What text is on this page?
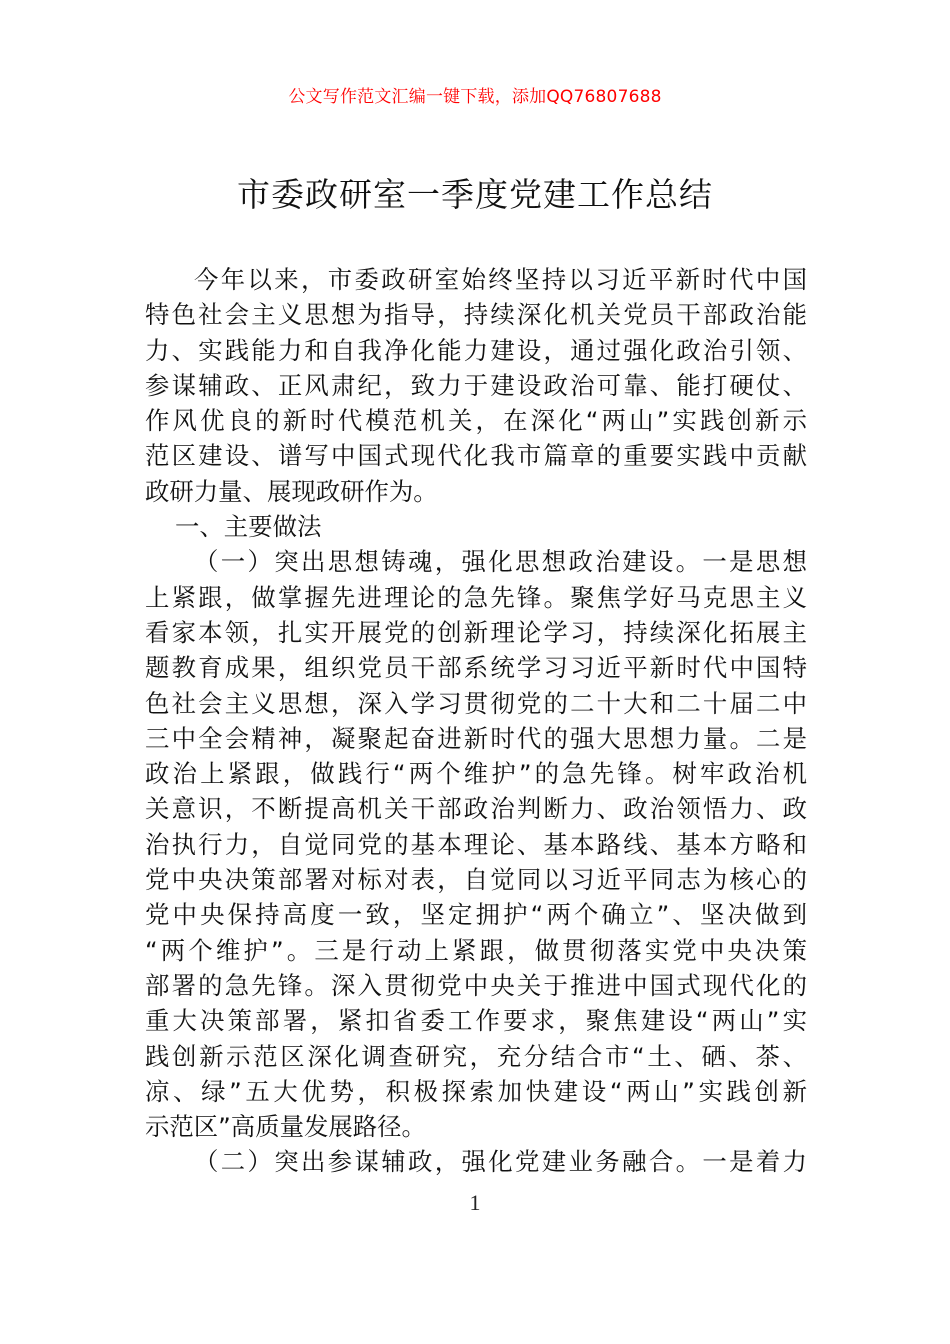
公文写作范文汇编一键下载，添加QQ76807688
市委政研室一季度党建工作总结
今年以来，市委政研室始终坚持以习近平新时代中国
特色社会主义思想为指导，持续深化机关党员干部政治能
力、实践能力和自我净化能力建设，通过强化政治引领、
参谋辅政、正风肃纪，致力于建设政治可靠、能打硬仗、
作风优良的新时代模范机关，在深化“两山”实践创新示
范区建设、谱写中国式现代化我市篇章的重要实践中贡献
政研力量、展现政研作为。
一、主要做法
（一）突出思想铸魂，强化思想政治建设。一是思想
上紧跟，做掌握先进理论的急先锋。聚焦学好马克思主义
看家本领，扎实开展党的创新理论学习，持续深化拓展主
题教育成果，组织党员干部系统学习习近平新时代中国特
色社会主义思想，深入学习贯彻党的二十大和二十届二中
三中全会精神，凝聚起奋进新时代的强大思想力量。二是
政治上紧跟，做践行“两个维护”的急先锋。树牢政治机
关意识，不断提高机关干部政治判断力、政治领悟力、政
治执行力，自觉同党的基本理论、基本路线、基本方略和
党中央决策部署对标对表，自觉同以习近平同志为核心的
党中央保持高度一致，坚定拥护“两个确立”、坚决做到
“两个维护”。三是行动上紧跟，做贯彻落实党中央决策
部署的急先锋。深入贯彻党中央关于推进中国式现代化的
重大决策部署，紧扣省委工作要求，聚焦建设“两山”实
践创新示范区深化调查研究，充分结合市“土、硒、茶、
凉、绿”五大优势，积极探索加快建设“两山”实践创新
示范区”高质量发展路径。
（二）突出参谋辅政，强化党建业务融合。一是着力
1
